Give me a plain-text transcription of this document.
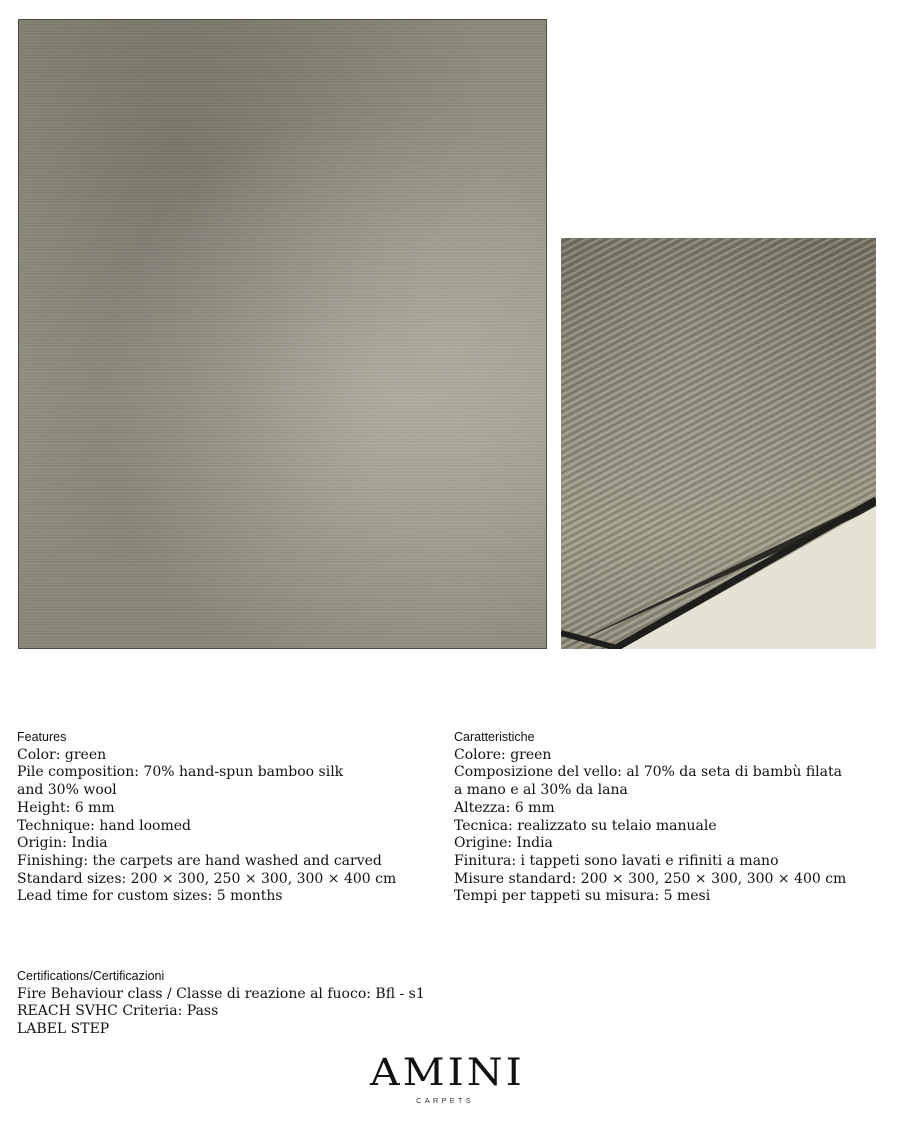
Features
Color: green
Pile composition: 70% hand-spun bamboo silk
and 30% wool
Height: 6 mm
Technique: hand loomed
Origin: India
Finishing: the carpets are hand washed and carved
Standard sizes: 200 × 300, 250 × 300, 300 × 400 cm
Lead time for custom sizes: 5 months
Caratteristiche
Colore: green
Composizione del vello: al 70% da seta di bambù filata
a mano e al 30% da lana
Altezza: 6 mm
Tecnica: realizzato su telaio manuale
Origine: India
Finitura: i tappeti sono lavati e rifiniti a mano
Misure standard: 200 × 300, 250 × 300, 300 × 400 cm
Tempi per tappeti su misura: 5 mesi
Certifications/Certificazioni
Fire Behaviour class / Classe di reazione al fuoco: Bfl - s1
REACH SVHC Criteria: Pass
LABEL STEP
AMINI
CARPETS
